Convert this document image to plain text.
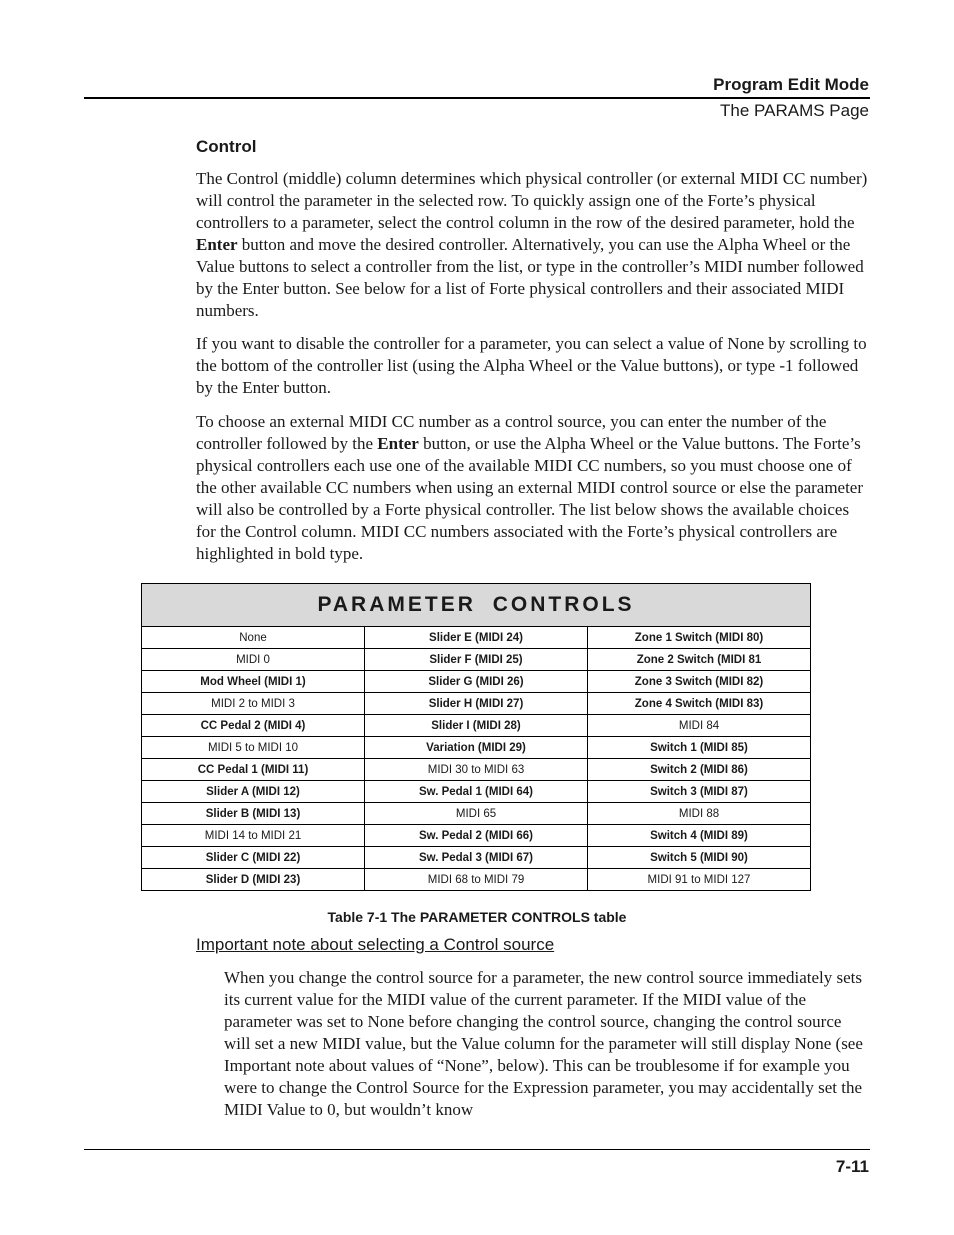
Program Edit Mode
The PARAMS Page
Control

The Control (middle) column determines which physical controller (or external MIDI CC number) will control the parameter in the selected row. To quickly assign one of the Forte’s physical controllers to a parameter, select the control column in the row of the desired parameter, hold the Enter button and move the desired controller. Alternatively, you can use the Alpha Wheel or the Value buttons to select a controller from the list, or type in the controller’s MIDI number followed by the Enter button. See below for a list of Forte physical controllers and their associated MIDI numbers.

If you want to disable the controller for a parameter, you can select a value of None by scrolling to the bottom of the controller list (using the Alpha Wheel or the Value buttons), or type -1 followed by the Enter button.

To choose an external MIDI CC number as a control source, you can enter the number of the controller followed by the Enter button, or use the Alpha Wheel or the Value buttons. The Forte’s physical controllers each use one of the available MIDI CC numbers, so you must choose one of the other available CC numbers when using an external MIDI control source or else the parameter will also be controlled by a Forte physical controller. The list below shows the available choices for the Control column. MIDI CC numbers associated with the Forte’s physical controllers are highlighted in bold type.

PARAMETER CONTROLS		
None	Slider E (MIDI 24)	Zone 1 Switch (MIDI 80)
MIDI 0	Slider F (MIDI 25)	Zone 2 Switch (MIDI 81
Mod Wheel (MIDI 1)	Slider G (MIDI 26)	Zone 3 Switch (MIDI 82)
MIDI 2 to MIDI 3	Slider H (MIDI 27)	Zone 4 Switch (MIDI 83)
CC Pedal 2 (MIDI 4)	Slider I (MIDI 28)	MIDI 84
MIDI 5 to MIDI 10	Variation (MIDI 29)	Switch 1 (MIDI 85)
CC Pedal 1 (MIDI 11)	MIDI 30 to MIDI 63	Switch 2 (MIDI 86)
Slider A (MIDI 12)	Sw. Pedal 1 (MIDI 64)	Switch 3 (MIDI 87)
Slider B (MIDI 13)	MIDI 65	MIDI 88
MIDI 14 to MIDI 21	Sw. Pedal 2 (MIDI 66)	Switch 4 (MIDI 89)
Slider C (MIDI 22)	Sw. Pedal 3 (MIDI 67)	Switch 5 (MIDI 90)
Slider D (MIDI 23)	MIDI 68 to MIDI 79	MIDI 91 to MIDI 127
Table 7-1 The PARAMETER CONTROLS table
Important note about selecting a Control source

When you change the control source for a parameter, the new control source immediately sets its current value for the MIDI value of the current parameter. If the MIDI value of the parameter was set to None before changing the control source, changing the control source will set a new MIDI value, but the Value column for the parameter will still display None (see Important note about values of “None”, below). This can be troublesome if for example you were to change the Control Source for the Expression parameter, you may accidentally set the MIDI Value to 0, but wouldn’t know

7-11
